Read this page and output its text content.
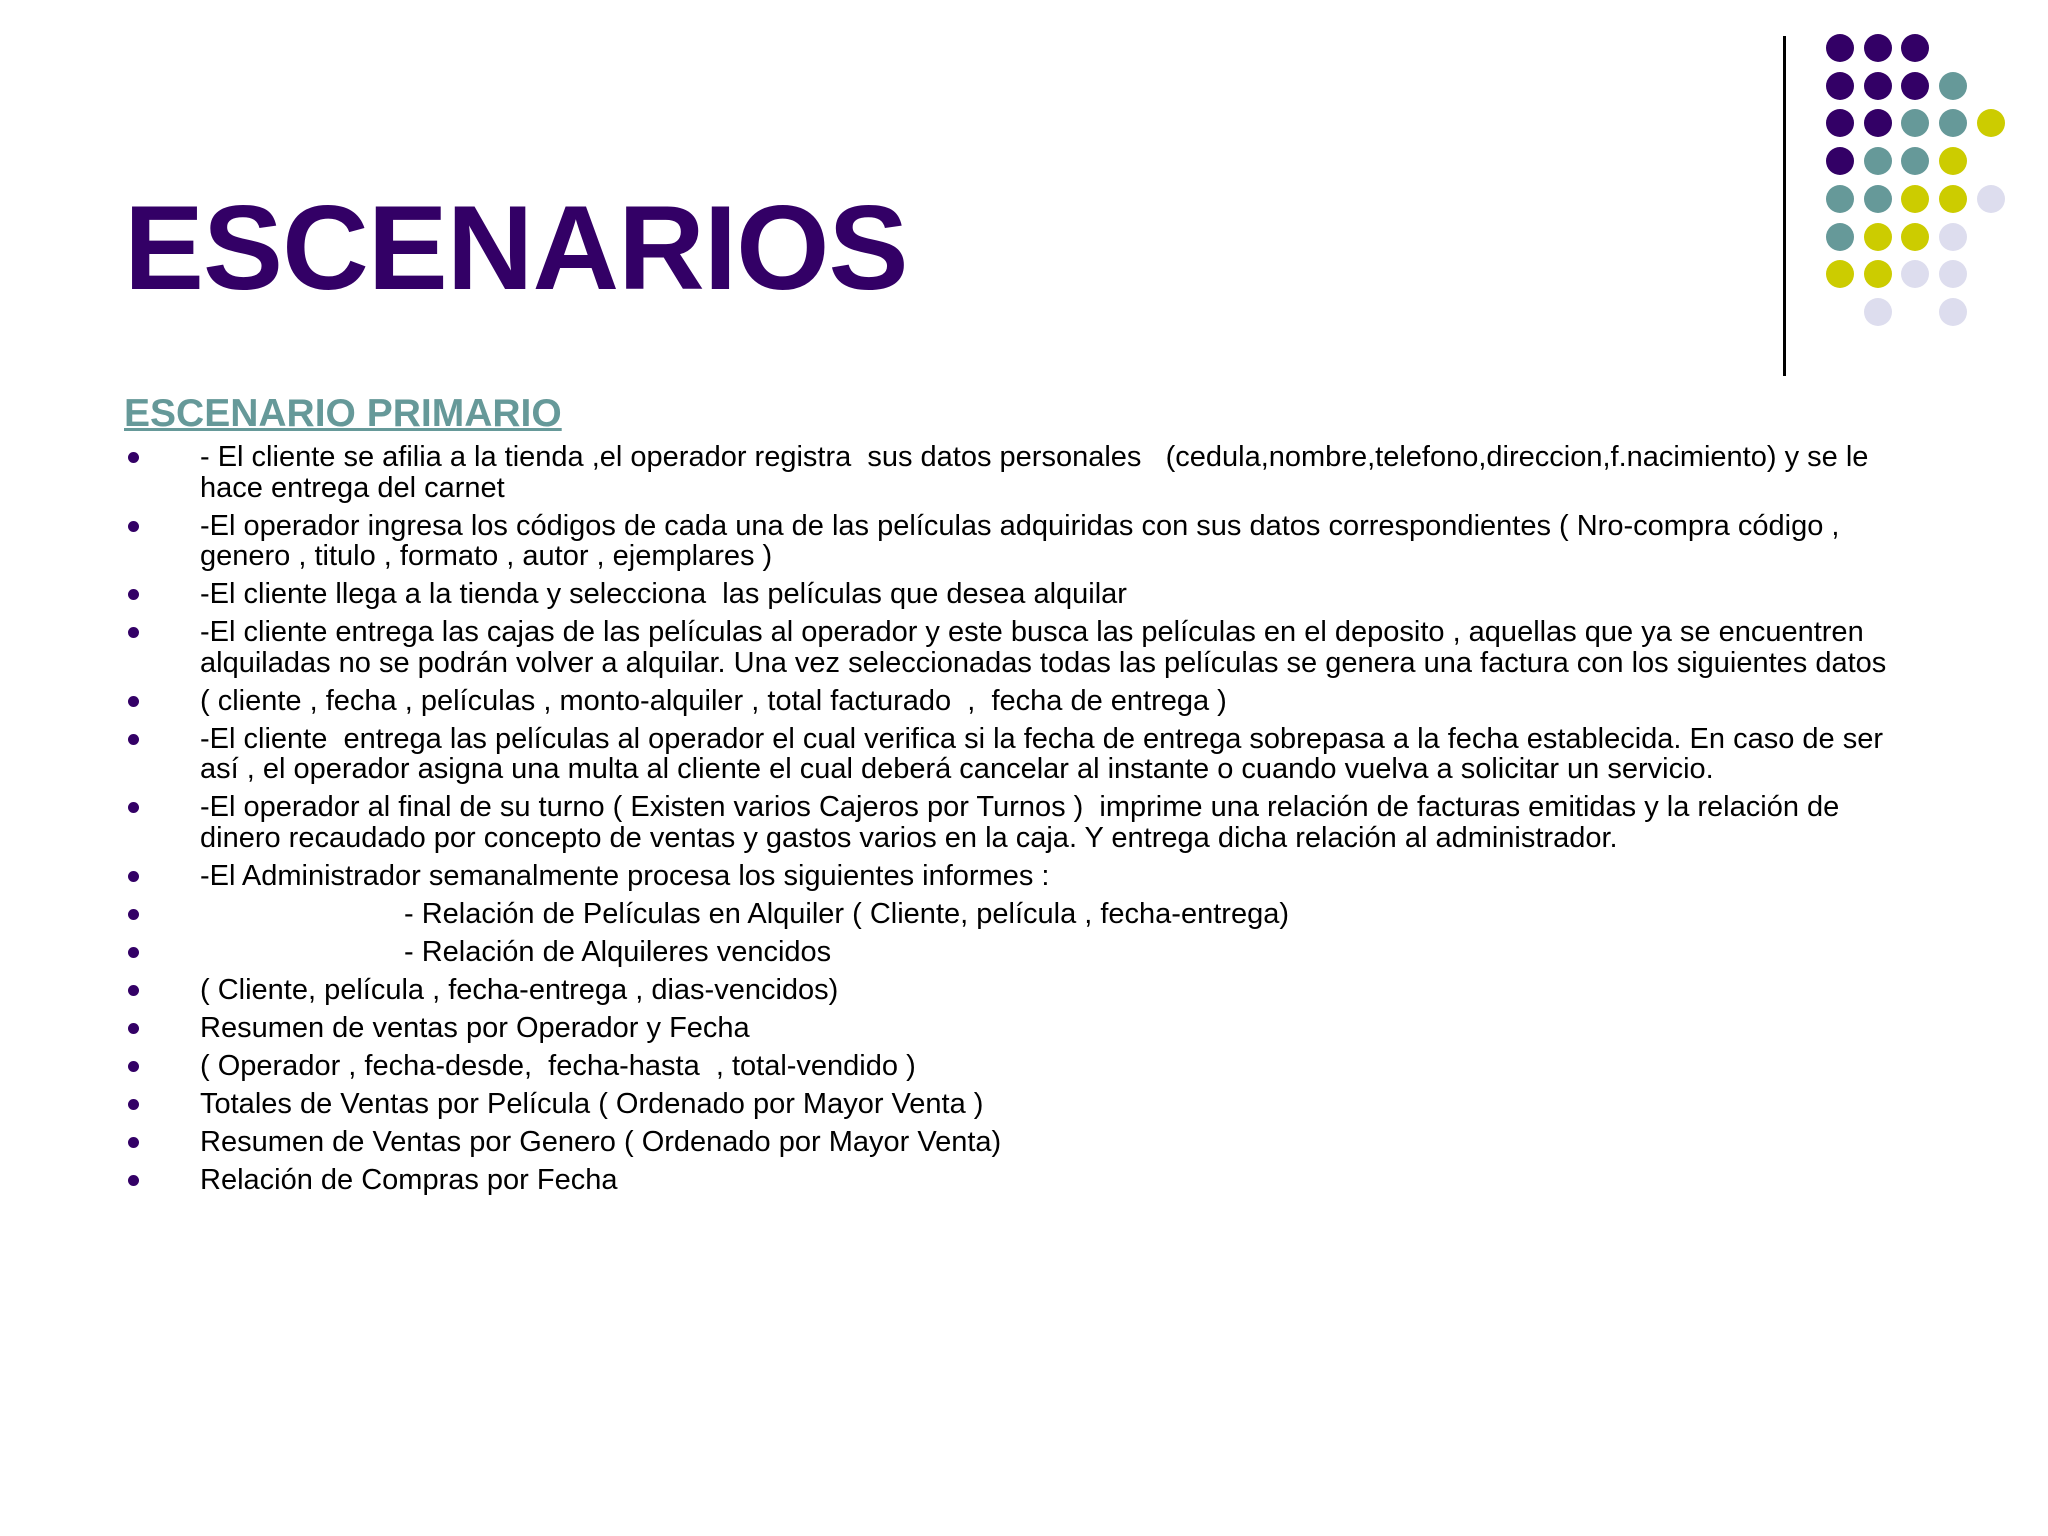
ESCENARIOS
ESCENARIO PRIMARIO
- El cliente se afilia a la tienda ,el operador registra  sus datos personales   (cedula,nombre,telefono,direccion,f.nacimiento) y se le hace entrega del carnet
-El operador ingresa los códigos de cada una de las películas adquiridas con sus datos correspondientes ( Nro-compra código , genero , titulo , formato , autor , ejemplares )
-El cliente llega a la tienda y selecciona  las películas que desea alquilar
-El cliente entrega las cajas de las películas al operador y este busca las películas en el deposito , aquellas que ya se encuentren alquiladas no se podrán volver a alquilar. Una vez seleccionadas todas las películas se genera una factura con los siguientes datos
( cliente , fecha , películas , monto-alquiler , total facturado  ,  fecha de entrega )
-El cliente  entrega las películas al operador el cual verifica si la fecha de entrega sobrepasa a la fecha establecida. En caso de ser así , el operador asigna una multa al cliente el cual deberá cancelar al instante o cuando vuelva a solicitar un servicio.
-El operador al final de su turno ( Existen varios Cajeros por Turnos )  imprime una relación de facturas emitidas y la relación de dinero recaudado por concepto de ventas y gastos varios en la caja. Y entrega dicha relación al administrador.
-El Administrador semanalmente procesa los siguientes informes :
- Relación de Películas en Alquiler ( Cliente, película , fecha-entrega)
- Relación de Alquileres vencidos
( Cliente, película , fecha-entrega , dias-vencidos)
Resumen de ventas por Operador y Fecha
( Operador , fecha-desde,  fecha-hasta  , total-vendido )
Totales de Ventas por Película ( Ordenado por Mayor Venta )
Resumen de Ventas por Genero ( Ordenado por Mayor Venta)
Relación de Compras por Fecha
